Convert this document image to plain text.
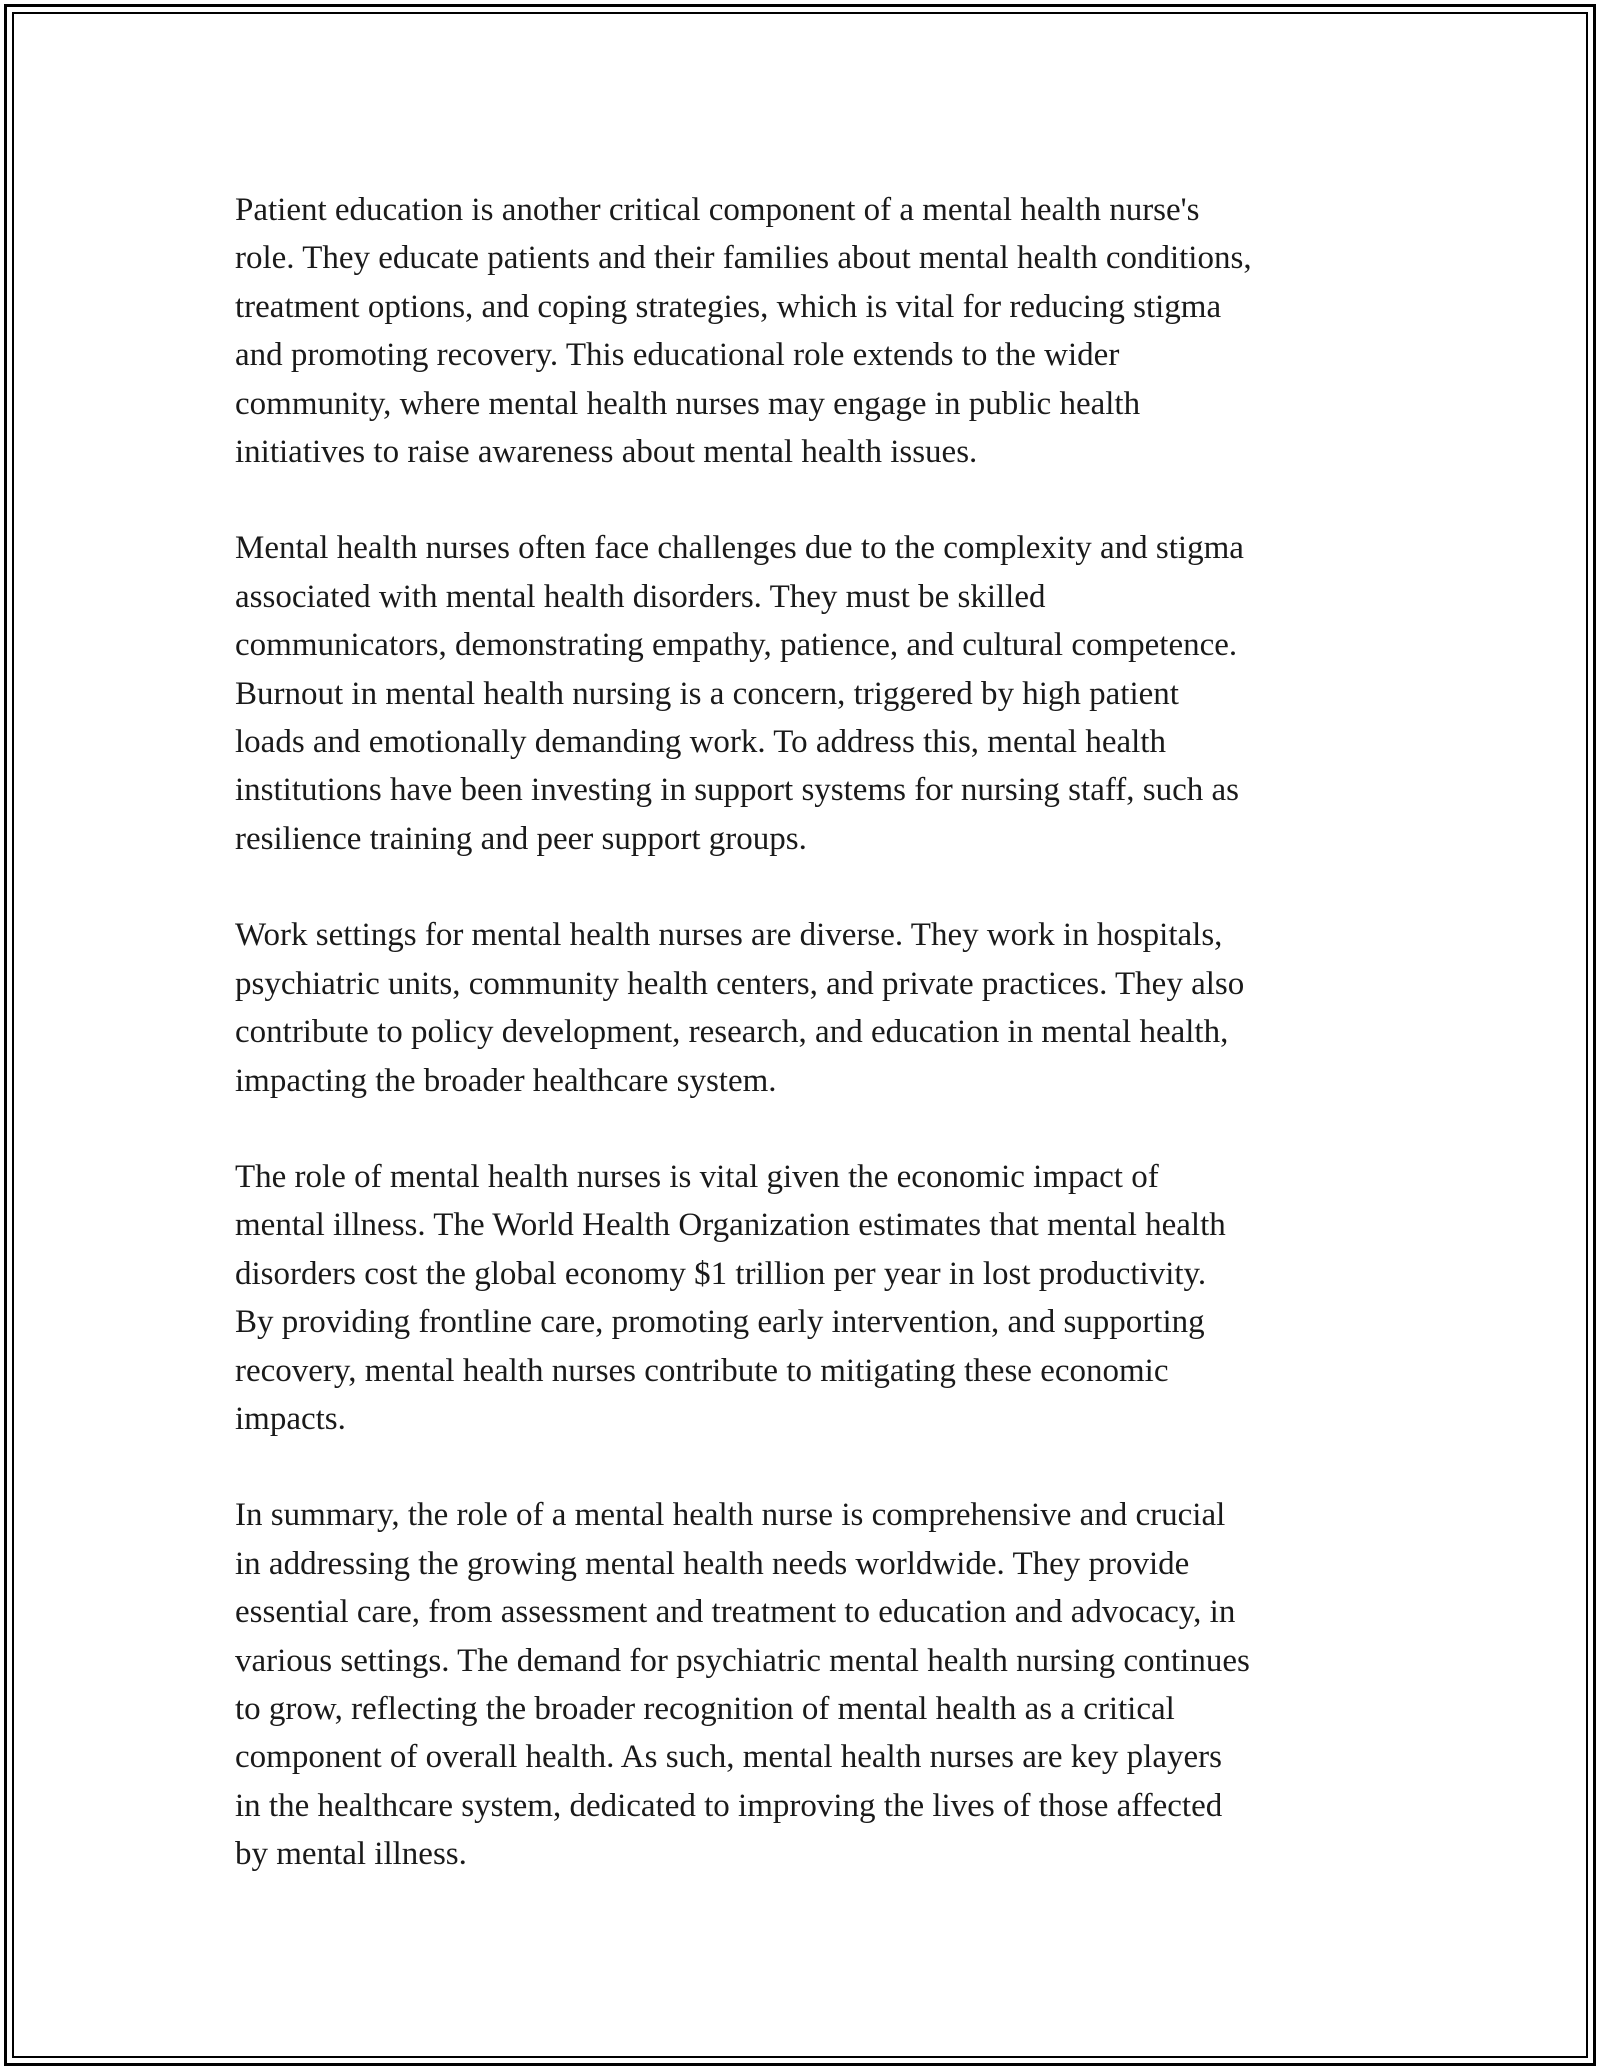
Patient education is another critical component of a mental health nurse's
role. They educate patients and their families about mental health conditions,
treatment options, and coping strategies, which is vital for reducing stigma
and promoting recovery. This educational role extends to the wider
community, where mental health nurses may engage in public health
initiatives to raise awareness about mental health issues.

Mental health nurses often face challenges due to the complexity and stigma
associated with mental health disorders. They must be skilled
communicators, demonstrating empathy, patience, and cultural competence.
Burnout in mental health nursing is a concern, triggered by high patient
loads and emotionally demanding work. To address this, mental health
institutions have been investing in support systems for nursing staff, such as
resilience training and peer support groups.

Work settings for mental health nurses are diverse. They work in hospitals,
psychiatric units, community health centers, and private practices. They also
contribute to policy development, research, and education in mental health,
impacting the broader healthcare system.

The role of mental health nurses is vital given the economic impact of
mental illness. The World Health Organization estimates that mental health
disorders cost the global economy $1 trillion per year in lost productivity.
By providing frontline care, promoting early intervention, and supporting
recovery, mental health nurses contribute to mitigating these economic
impacts.

In summary, the role of a mental health nurse is comprehensive and crucial
in addressing the growing mental health needs worldwide. They provide
essential care, from assessment and treatment to education and advocacy, in
various settings. The demand for psychiatric mental health nursing continues
to grow, reflecting the broader recognition of mental health as a critical
component of overall health. As such, mental health nurses are key players
in the healthcare system, dedicated to improving the lives of those affected
by mental illness.
